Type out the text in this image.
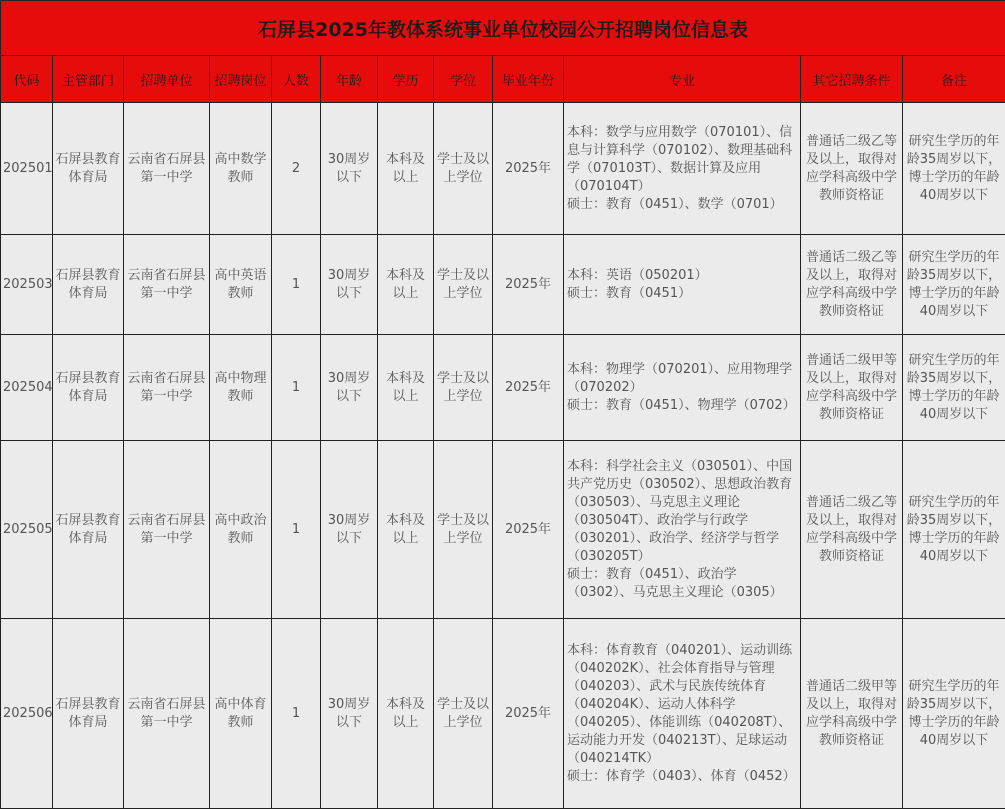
石屏县2025年教体系统事业单位校园公开招聘岗位信息表											
代码	主管部门	招聘单位	招聘岗位	人数	年龄	学历	学位	毕业年份	专业	其它招聘条件	备注
202501	石屏县教育体育局	云南省石屏县第一中学	高中数学教师	2	30周岁以下	本科及以上	学士及以上学位	2025年	本科：数学与应用数学（070101）、信息与计算科学（070102）、数理基础科学（070103T）、数据计算及应用（070104T）
硕士：教育（0451）、数学（0701）	普通话二级乙等及以上，取得对应学科高级中学教师资格证	研究生学历的年龄35周岁以下，博士学历的年龄40周岁以下
202503	石屏县教育体育局	云南省石屏县第一中学	高中英语教师	1	30周岁以下	本科及以上	学士及以上学位	2025年	本科：英语（050201）
硕士：教育（0451）	普通话二级乙等及以上，取得对应学科高级中学教师资格证	研究生学历的年龄35周岁以下，博士学历的年龄40周岁以下
202504	石屏县教育体育局	云南省石屏县第一中学	高中物理教师	1	30周岁以下	本科及以上	学士及以上学位	2025年	本科：物理学（070201）、应用物理学（070202）
硕士：教育（0451）、物理学（0702）	普通话二级甲等及以上，取得对应学科高级中学教师资格证	研究生学历的年龄35周岁以下，博士学历的年龄40周岁以下
202505	石屏县教育体育局	云南省石屏县第一中学	高中政治教师	1	30周岁以下	本科及以上	学士及以上学位	2025年	本科：科学社会主义（030501）、中国共产党历史（030502）、思想政治教育（030503）、马克思主义理论（030504T）、政治学与行政学（030201）、政治学、经济学与哲学（030205T）
硕士：教育（0451）、政治学（0302）、马克思主义理论（0305）	普通话二级乙等及以上，取得对应学科高级中学教师资格证	研究生学历的年龄35周岁以下，博士学历的年龄40周岁以下
202506	石屏县教育体育局	云南省石屏县第一中学	高中体育教师	1	30周岁以下	本科及以上	学士及以上学位	2025年	本科：体育教育（040201）、运动训练（040202K）、社会体育指导与管理（040203）、武术与民族传统体育（040204K）、运动人体科学（040205）、体能训练（040208T）、运动能力开发（040213T）、足球运动（040214TK）
硕士：体育学（0403）、体育（0452）	普通话二级甲等及以上，取得对应学科高级中学教师资格证	研究生学历的年龄35周岁以下，博士学历的年龄40周岁以下
